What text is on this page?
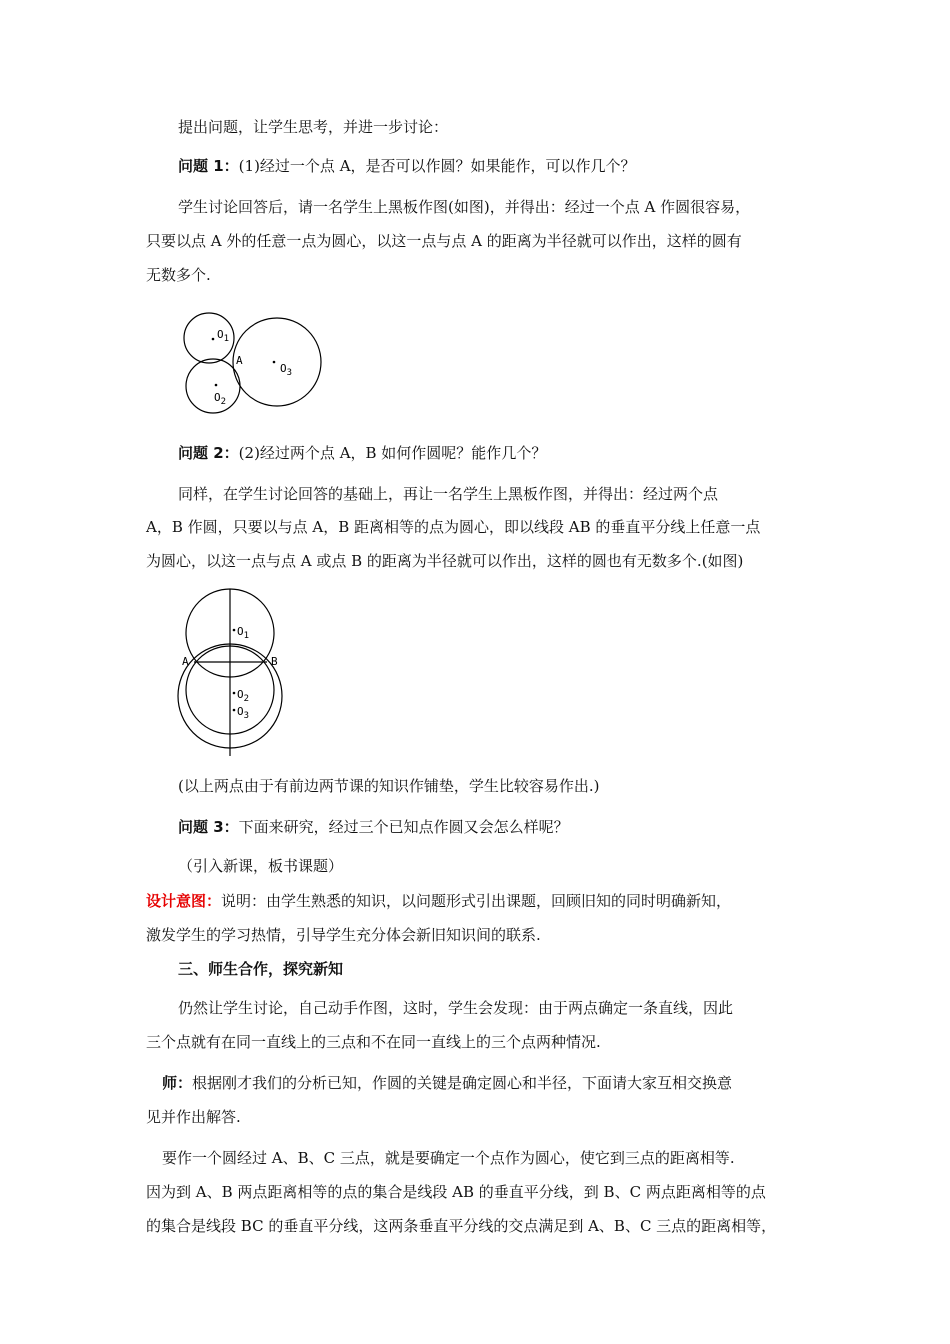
提出问题，让学生思考，并进一步讨论：
问题 1：(1)经过一个点 A，是否可以作圆？如果能作，可以作几个？
学生讨论回答后，请一名学生上黑板作图(如图)，并得出：经过一个点 A 作圆很容易，
只要以点 A 外的任意一点为圆心，以这一点与点 A 的距离为半径就可以作出，这样的圆有
无数多个.
$O_1$
$O_2$
$O_3$
A
问题 2：(2)经过两个点 A，B 如何作圆呢？能作几个？
同样，在学生讨论回答的基础上，再让一名学生上黑板作图，并得出：经过两个点
A，B 作圆，只要以与点 A，B 距离相等的点为圆心，即以线段 AB 的垂直平分线上任意一点
为圆心，以这一点与点 A 或点 B 的距离为半径就可以作出，这样的圆也有无数多个.(如图)
A	B
$O_1$
$O_2$
$O_3$
(以上两点由于有前边两节课的知识作铺垫，学生比较容易作出.)
问题 3：下面来研究，经过三个已知点作圆又会怎么样呢？
（引入新课，板书课题）
设计意图：说明：由学生熟悉的知识，以问题形式引出课题，回顾旧知的同时明确新知，
激发学生的学习热情，引导学生充分体会新旧知识间的联系.
三、师生合作，探究新知
仍然让学生讨论，自己动手作图，这时，学生会发现：由于两点确定一条直线，因此
三个点就有在同一直线上的三点和不在同一直线上的三个点两种情况.
师：根据刚才我们的分析已知，作圆的关键是确定圆心和半径，下面请大家互相交换意
见并作出解答.
要作一个圆经过 A、B、C 三点，就是要确定一个点作为圆心，使它到三点的距离相等.
因为到 A、B 两点距离相等的点的集合是线段 AB 的垂直平分线，到 B、C 两点距离相等的点
的集合是线段 BC 的垂直平分线，这两条垂直平分线的交点满足到 A、B、C 三点的距离相等，
